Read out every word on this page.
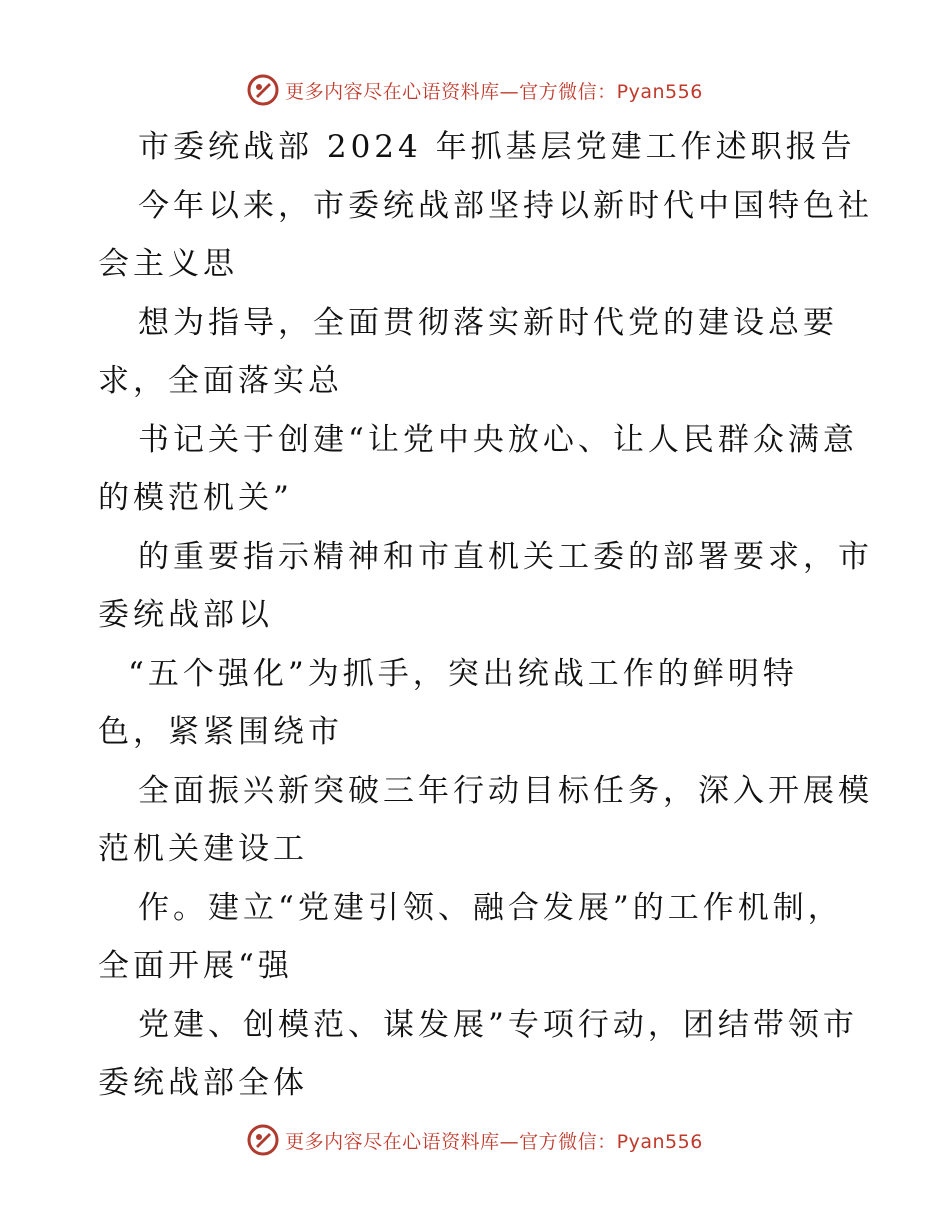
更多内容尽在心语资料库—官方微信：Pyan556
市委统战部 2024 年抓基层党建工作述职报告
今年以来，市委统战部坚持以新时代中国特色社
会主义思
想为指导，全面贯彻落实新时代党的建设总要
求，全面落实总
书记关于创建“让党中央放心、让人民群众满意
的模范机关”
的重要指示精神和市直机关工委的部署要求，市
委统战部以
“五个强化”为抓手，突出统战工作的鲜明特
色，紧紧围绕市
全面振兴新突破三年行动目标任务，深入开展模
范机关建设工
作。建立“党建引领、融合发展”的工作机制，
全面开展“强
党建、创模范、谋发展”专项行动，团结带领市
委统战部全体
更多内容尽在心语资料库—官方微信：Pyan556
